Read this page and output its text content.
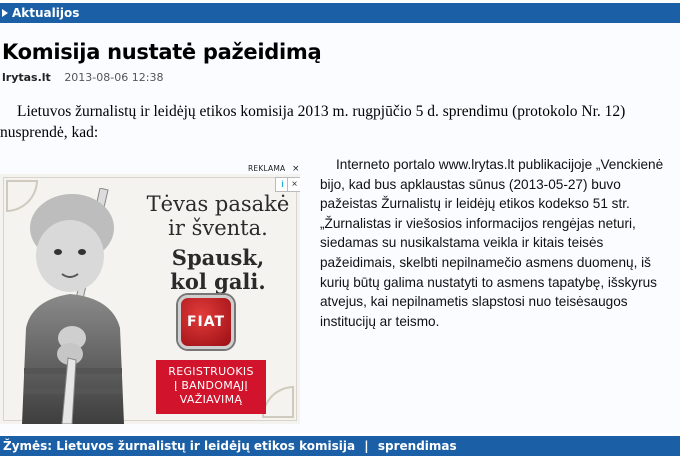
Aktualijos
Komisija nustatė pažeidimą
lrytas.lt 2013-08-06 12:38

Lietuvos žurnalistų ir leidėjų etikos komisija 2013 m. rugpjūčio 5 d. sprendimu (protokolo Nr. 12) nusprendė, kad:

REKLAMA ×
Tėvas pasakė
ir šventa.
Spausk,
kol gali.
FIAT
REGISTRUOKIS
Į BANDOMĄJĮ
VAŽIAVIMĄ
i ×
Interneto portalo www.lrytas.lt publikacijoje „Venckienė bijo, kad bus apklaustas sūnus (2013-05-27) buvo pažeistas Žurnalistų ir leidėjų etikos kodekso 51 str. „Žurnalistas ir viešosios informacijos rengėjas neturi, siedamas su nusikalstama veikla ir kitais teisės pažeidimais, skelbti nepilnamečio asmens duomenų, iš kurių būtų galima nustatyti to asmens tapatybę, išskyrus atvejus, kai nepilnametis slapstosi nuo teisėsaugos institucijų ar teismo.
Žymės: Lietuvos žurnalistų ir leidėjų etikos komisija | sprendimas
